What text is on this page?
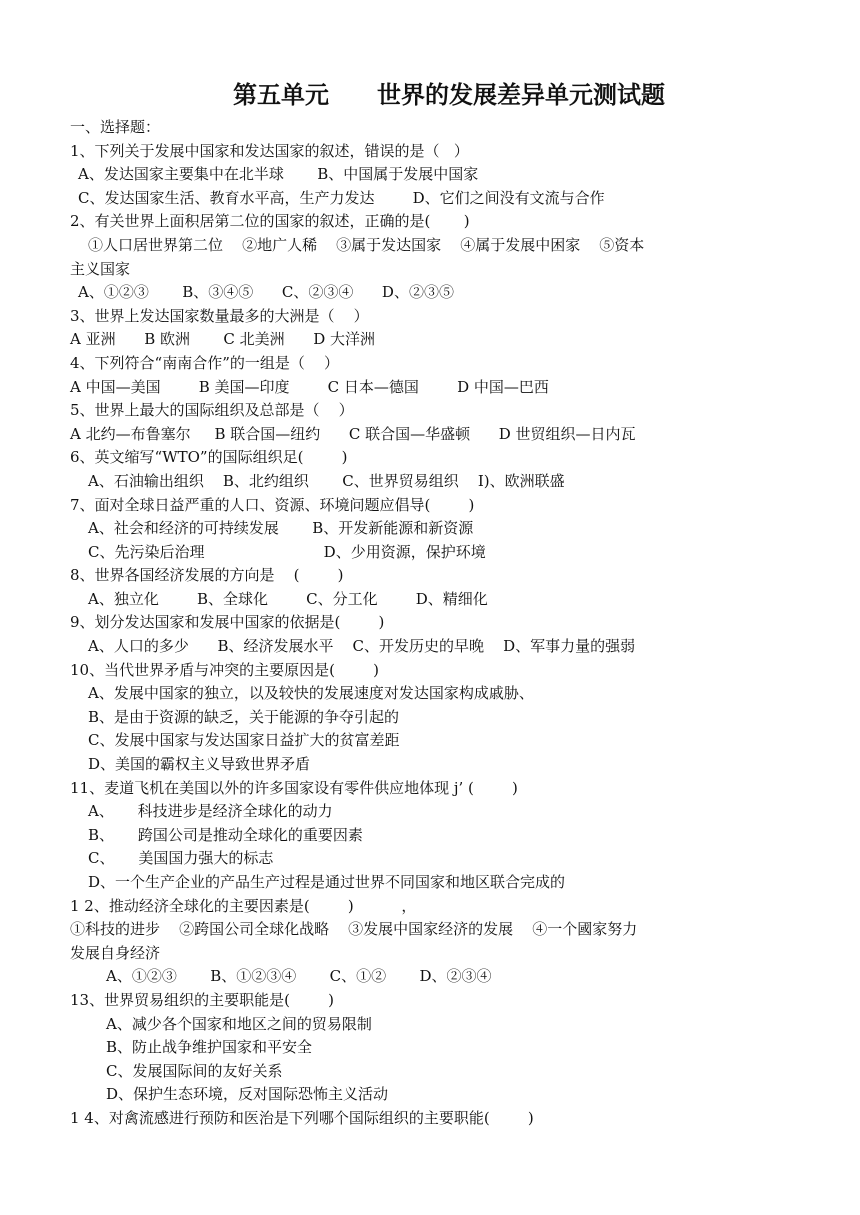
第五单元　　世界的发展差异单元测试题

一、选择题：

1、下列关于发展中国家和发达国家的叙述，错误的是（   ）

A、发达国家主要集中在北半球       B、中国属于发展中国家

C、发达国家生活、教育水平高，生产力发达        D、它们之间没有文流与合作

2、有关世界上面积居第二位的国家的叙述，正确的是(       )

①人口居世界第二位    ②地广人稀    ③属于发达国家    ④属于发展中困家    ⑤资本

主义国家

A、①②③       B、③④⑤      C、②③④      D、②③⑤

3、世界上发达国家数量最多的大洲是（    ）

A 亚洲      B 欧洲       C 北美洲      D 大洋洲

4、下列符合“南南合作”的一组是（    ）

A 中国—美国        B 美国—印度        C 日本—德国        D 中国—巴西

5、世界上最大的国际组织及总部是（    ）

A 北约—布鲁塞尔     B 联合国—纽约      C 联合国—华盛顿      D 世贸组织—日内瓦

6、英文缩写“WTO”的国际组织足(        )

A、石油输出组织    B、北约组织       C、世界贸易组织    I)、欧洲联盛

7、面对全球日益严重的人口、资源、环境问题应倡导(        )

A、社会和经济的可持续发展       B、开发新能源和新资源

C、先污染后治理                         D、少用资源，保护环境

8、世界各国经济发展的方向是    (        )

A、独立化        B、全球化        C、分工化        D、精细化

9、划分发达国家和发展中国家的依据是(        )

A、人口的多少      B、经济发展水平    C、开发历史的早晚    D、军事力量的强弱

10、当代世界矛盾与冲突的主要原因是(        )

A、发展中国家的独立，以及较快的发展速度对发达国家构成戚胁、

B、是由于资源的缺乏，关于能源的争夺引起的

C、发展中国家与发达国家日益扩大的贫富差距

D、美国的霸权主义导致世界矛盾

11、麦道飞机在美国以外的许多国家设有零件供应地体现 j’ (        )

A、     科技进步是经济全球化的动力

B、     跨国公司是推动全球化的重要因素

C、     美国国力强大的标志

D、一个生产企业的产品生产过程是通过世界不同国家和地区联合完成的

1 2、推动经济全球化的主要因素是(        )          ，

①科技的进步    ②跨国公司全球化战略    ③发展中国家经济的发展    ④一个國家努力

发展自身经济

A、①②③       B、①②③④       C、①②       D、②③④

13、世界贸易组织的主要职能是(        )

A、减少各个国家和地区之间的贸易限制

B、防止战争维护国家和平安全

C、发展国际间的友好关系

D、保护生态环境，反对国际恐怖主义活动

1 4、对禽流感进行预防和医治是下列哪个国际组织的主要职能(        )
